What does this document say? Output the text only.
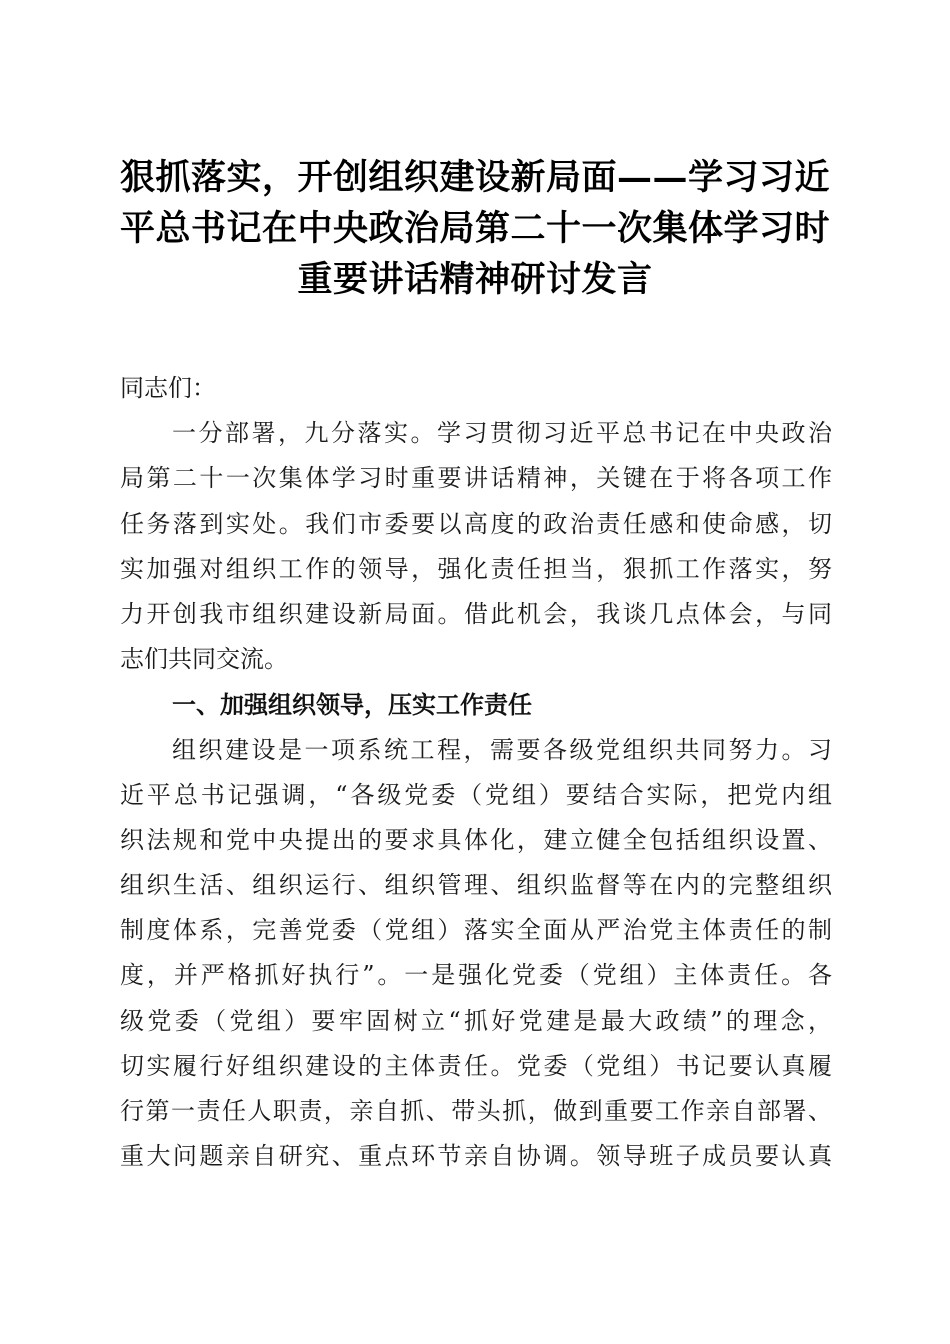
狠抓落实，开创组织建设新局面——学习习近
平总书记在中央政治局第二十一次集体学习时
重要讲话精神研讨发言
同志们：
一分部署，九分落实。学习贯彻习近平总书记在中央政治
局第二十一次集体学习时重要讲话精神，关键在于将各项工作
任务落到实处。我们市委要以高度的政治责任感和使命感，切
实加强对组织工作的领导，强化责任担当，狠抓工作落实，努
力开创我市组织建设新局面。借此机会，我谈几点体会，与同
志们共同交流。
一、加强组织领导，压实工作责任
组织建设是一项系统工程，需要各级党组织共同努力。习
近平总书记强调，“各级党委（党组）要结合实际，把党内组
织法规和党中央提出的要求具体化，建立健全包括组织设置、
组织生活、组织运行、组织管理、组织监督等在内的完整组织
制度体系，完善党委（党组）落实全面从严治党主体责任的制
度，并严格抓好执行”。一是强化党委（党组）主体责任。各
级党委（党组）要牢固树立“抓好党建是最大政绩”的理念，
切实履行好组织建设的主体责任。党委（党组）书记要认真履
行第一责任人职责，亲自抓、带头抓，做到重要工作亲自部署、
重大问题亲自研究、重点环节亲自协调。领导班子成员要认真
